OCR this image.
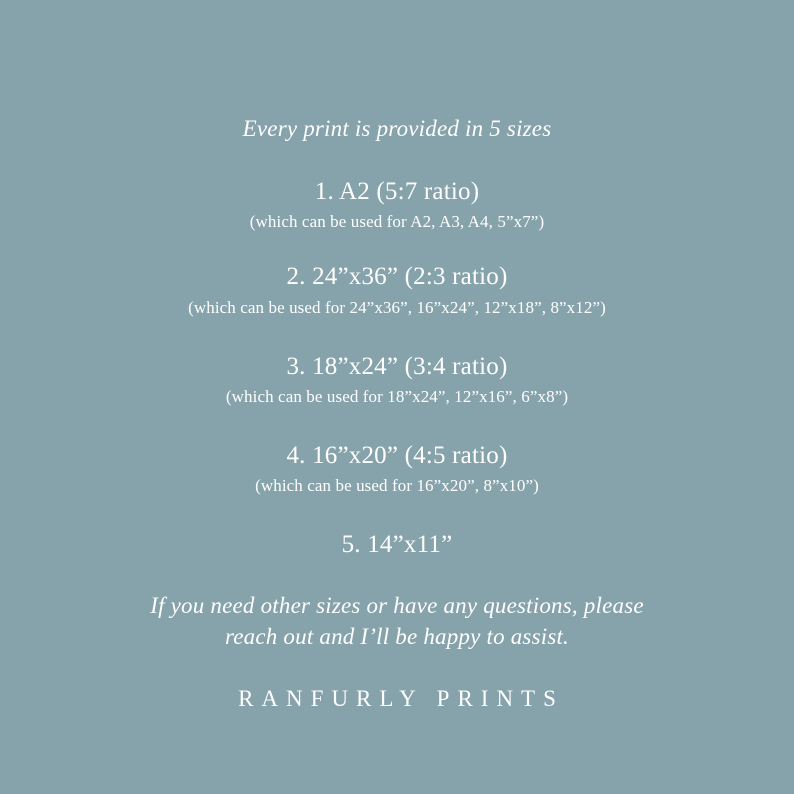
Every print is provided in 5 sizes
1. A2 (5:7 ratio)
(which can be used for A2, A3, A4, 5”x7”)
2. 24”x36” (2:3 ratio)
(which can be used for 24”x36”, 16”x24”, 12”x18”, 8”x12”)
3. 18”x24” (3:4 ratio)
(which can be used for 18”x24”, 12”x16”, 6”x8”)
4. 16”x20” (4:5 ratio)
(which can be used for 16”x20”, 8”x10”)
5. 14”x11”
If you need other sizes or have any questions, please
reach out and I’ll be happy to assist.
RANFURLY PRINTS
